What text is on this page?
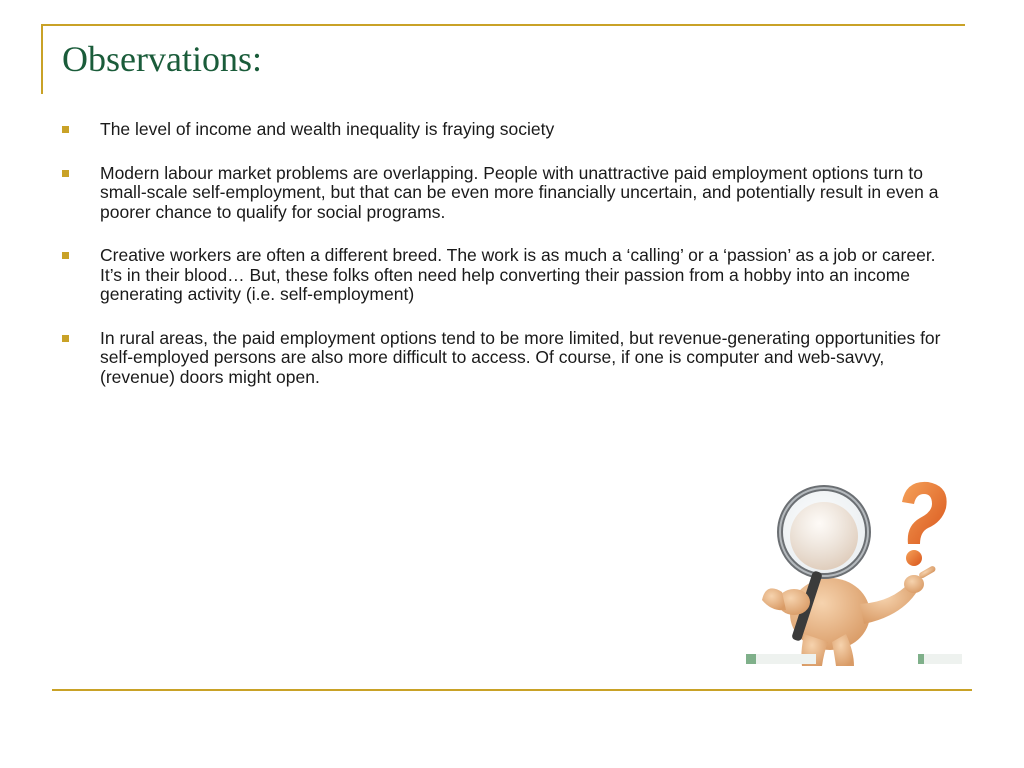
Observations:
The level of income and wealth inequality is fraying society
Modern labour market problems are overlapping. People with unattractive paid employment options turn to small-scale self-employment, but that can be even more financially uncertain, and potentially result in even a poorer chance to qualify for social programs.
Creative workers are often a different breed. The work is as much a ‘calling’ or a ‘passion’ as a job or career. It’s in their blood… But, these folks often need help converting their passion from a hobby into an income generating activity (i.e. self-employment)
In rural areas, the paid employment options tend to be more limited, but revenue-generating opportunities for self-employed persons are also more difficult to access. Of course, if one is computer and web-savvy, (revenue) doors might open.
